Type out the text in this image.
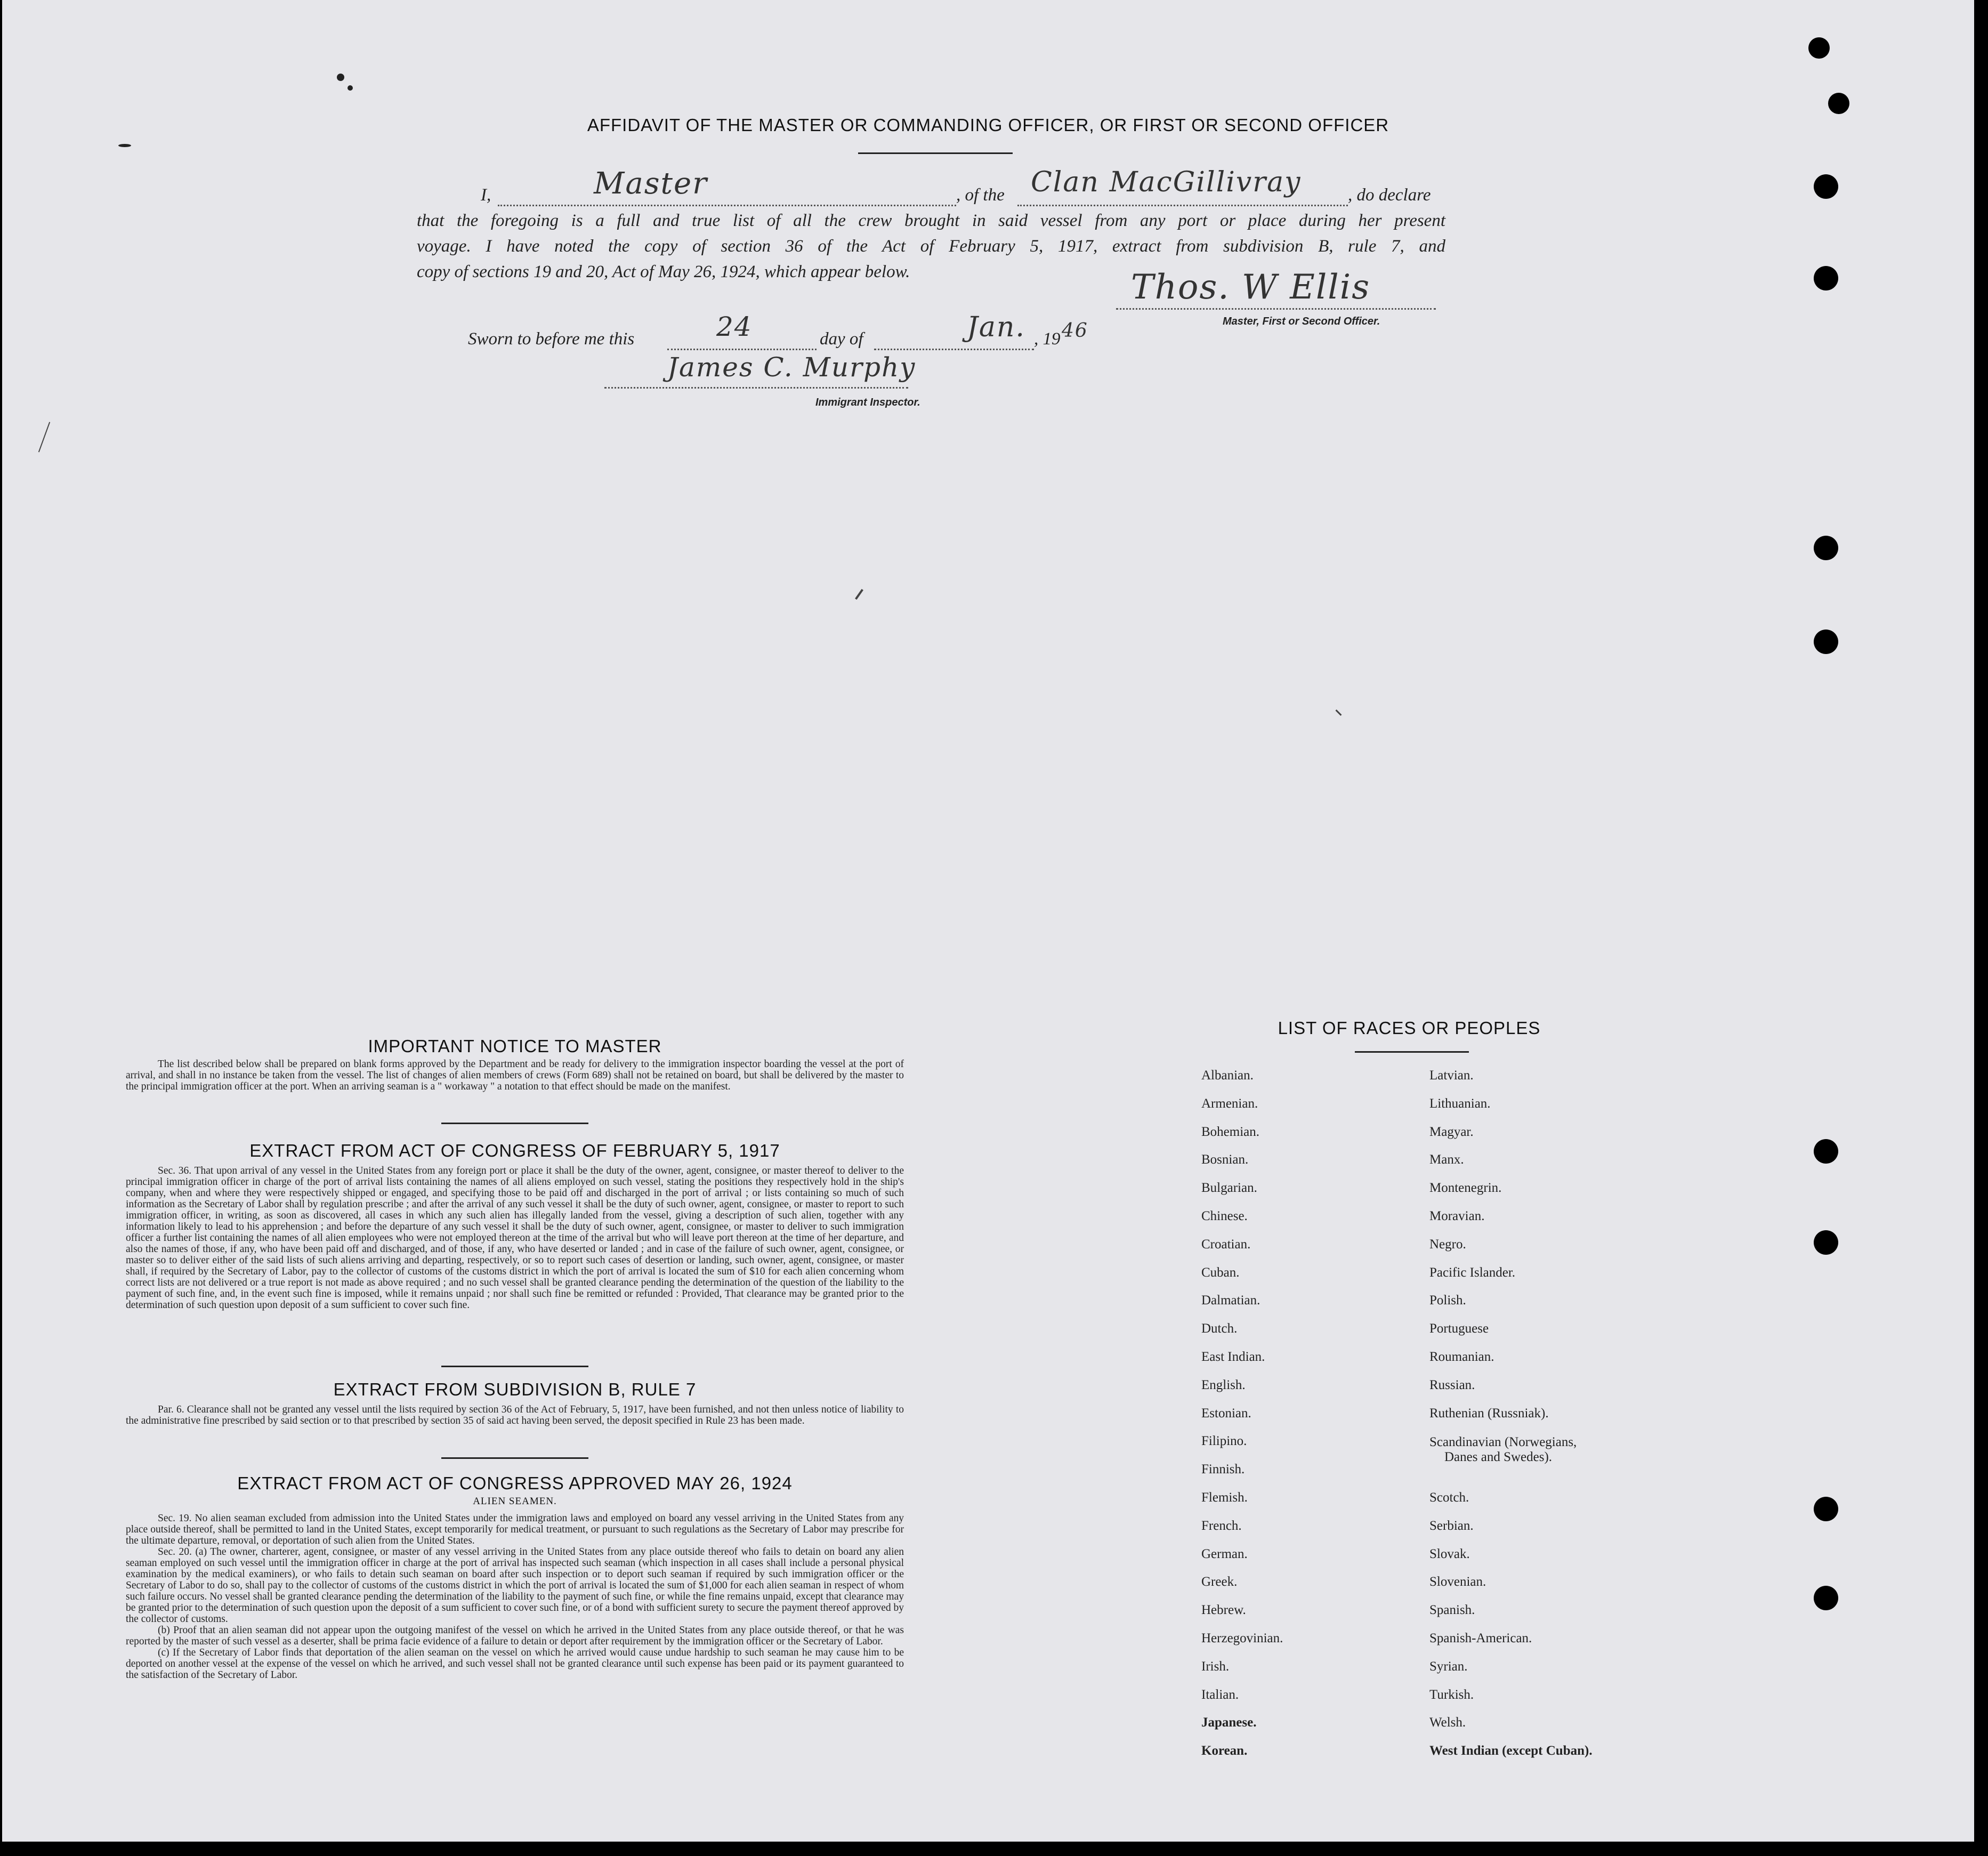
AFFIDAVIT OF THE MASTER OR COMMANDING OFFICER, OR FIRST OR SECOND OFFICER
I,	Master	, of the Clan MacGillivray	, do declare
that the foregoing is a full and true list of all the crew brought in said vessel from any port or place during her present
voyage. I have noted the copy of section 36 of the Act of February 5, 1917, extract from subdivision B, rule 7, and
copy of sections 19 and 20, Act of May 26, 1924, which appear below.	Thos. W Ellis
Master, First or Second Officer.
Sworn to before me this	24	day of	Jan. , 19 46
James C. Murphy
Immigrant Inspector.
IMPORTANT NOTICE TO MASTER

The list described below shall be prepared on blank forms approved by the Department and be ready for delivery to the immigration inspector boarding the vessel at the port of arrival, and shall in no instance be taken from the vessel. The list of changes of alien members of crews (Form 689) shall not be retained on board, but shall be delivered by the master to the principal immigration officer at the port. When an arriving seaman is a " workaway " a notation to that effect should be made on the manifest.

EXTRACT FROM ACT OF CONGRESS OF FEBRUARY 5, 1917

Sec. 36. That upon arrival of any vessel in the United States from any foreign port or place it shall be the duty of the owner, agent, consignee, or master thereof to deliver to the principal immigration officer in charge of the port of arrival lists containing the names of all aliens employed on such vessel, stating the positions they respectively hold in the ship's company, when and where they were respectively shipped or engaged, and specifying those to be paid off and discharged in the port of arrival ; or lists containing so much of such information as the Secretary of Labor shall by regulation prescribe ; and after the arrival of any such vessel it shall be the duty of such owner, agent, consignee, or master to report to such immigration officer, in writing, as soon as discovered, all cases in which any such alien has illegally landed from the vessel, giving a description of such alien, together with any information likely to lead to his apprehension ; and before the departure of any such vessel it shall be the duty of such owner, agent, consignee, or master to deliver to such immigration officer a further list containing the names of all alien employees who were not employed thereon at the time of the arrival but who will leave port thereon at the time of her departure, and also the names of those, if any, who have been paid off and discharged, and of those, if any, who have deserted or landed ; and in case of the failure of such owner, agent, consignee, or master so to deliver either of the said lists of such aliens arriving and departing, respectively, or so to report such cases of desertion or landing, such owner, agent, consignee, or master shall, if required by the Secretary of Labor, pay to the collector of customs of the customs district in which the port of arrival is located the sum of $10 for each alien concerning whom correct lists are not delivered or a true report is not made as above required ; and no such vessel shall be granted clearance pending the determination of the question of the liability to the payment of such fine, and, in the event such fine is imposed, while it remains unpaid ; nor shall such fine be remitted or refunded : Provided, That clearance may be granted prior to the determination of such question upon deposit of a sum sufficient to cover such fine.

EXTRACT FROM SUBDIVISION B, RULE 7

Par. 6. Clearance shall not be granted any vessel until the lists required by section 36 of the Act of February, 5, 1917, have been furnished, and not then unless notice of liability to the administrative fine prescribed by said section or to that prescribed by section 35 of said act having been served, the deposit specified in Rule 23 has been made.

EXTRACT FROM ACT OF CONGRESS APPROVED MAY 26, 1924
ALIEN SEAMEN.

Sec. 19. No alien seaman excluded from admission into the United States under the immigration laws and employed on board any vessel arriving in the United States from any place outside thereof, shall be permitted to land in the United States, except temporarily for medical treatment, or pursuant to such regulations as the Secretary of Labor may prescribe for the ultimate departure, removal, or deportation of such alien from the United States.

Sec. 20. (a) The owner, charterer, agent, consignee, or master of any vessel arriving in the United States from any place outside thereof who fails to detain on board any alien seaman employed on such vessel until the immigration officer in charge at the port of arrival has inspected such seaman (which inspection in all cases shall include a personal physical examination by the medical examiners), or who fails to detain such seaman on board after such inspection or to deport such seaman if required by such immigration officer or the Secretary of Labor to do so, shall pay to the collector of customs of the customs district in which the port of arrival is located the sum of $1,000 for each alien seaman in respect of whom such failure occurs. No vessel shall be granted clearance pending the determination of the liability to the payment of such fine, or while the fine remains unpaid, except that clearance may be granted prior to the determination of such question upon the deposit of a sum sufficient to cover such fine, or of a bond with sufficient surety to secure the payment thereof approved by the collector of customs.

(b) Proof that an alien seaman did not appear upon the outgoing manifest of the vessel on which he arrived in the United States from any place outside thereof, or that he was reported by the master of such vessel as a deserter, shall be prima facie evidence of a failure to detain or deport after requirement by the immigration officer or the Secretary of Labor.

(c) If the Secretary of Labor finds that deportation of the alien seaman on the vessel on which he arrived would cause undue hardship to such seaman he may cause him to be deported on another vessel at the expense of the vessel on which he arrived, and such vessel shall not be granted clearance until such expense has been paid or its payment guaranteed to the satisfaction of the Secretary of Labor.

LIST OF RACES OR PEOPLES
Albanian.
Armenian.
Bohemian.
Bosnian.
Bulgarian.
Chinese.
Croatian.
Cuban.
Dalmatian.
Dutch.
East Indian.
English.
Estonian.
Filipino.
Finnish.
Flemish.
French.
German.
Greek.
Hebrew.
Herzegovinian.
Irish.
Italian.
Japanese.
Korean.
Latvian.
Lithuanian.
Magyar.
Manx.
Montenegrin.
Moravian.
Negro.
Pacific Islander.
Polish.
Portuguese
Roumanian.
Russian.
Ruthenian (Russniak).
Scandinavian (Norwegians,
Danes and Swedes).
Scotch.
Serbian.
Slovak.
Slovenian.
Spanish.
Spanish-American.
Syrian.
Turkish.
Welsh.
West Indian (except Cuban).
